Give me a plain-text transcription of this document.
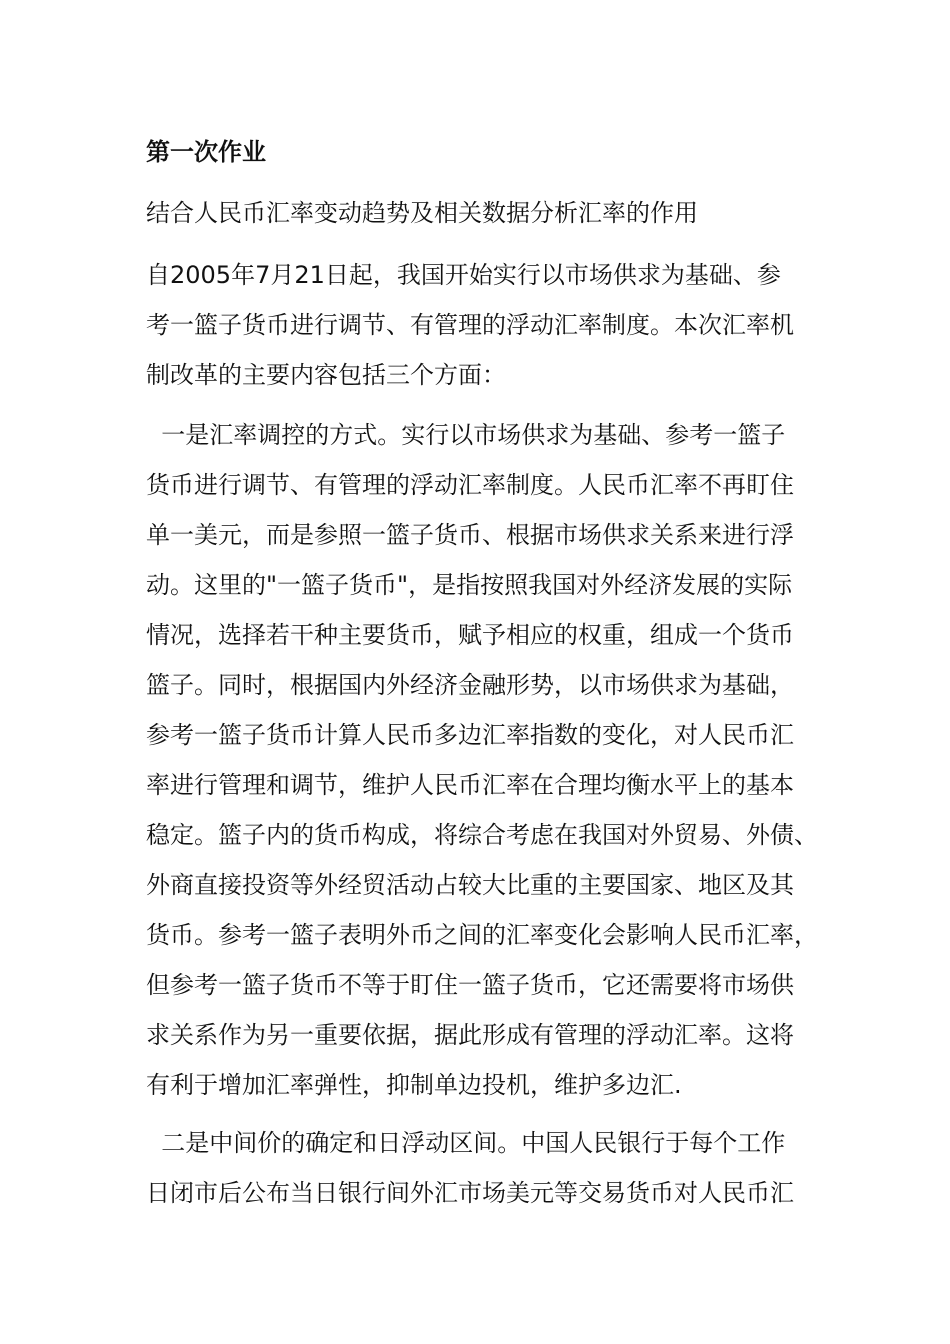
第一次作业
结合人民币汇率变动趋势及相关数据分析汇率的作用
自2005年7月21日起，我国开始实行以市场供求为基础、参
考一篮子货币进行调节、有管理的浮动汇率制度。本次汇率机
制改革的主要内容包括三个方面：
一是汇率调控的方式。实行以市场供求为基础、参考一篮子
货币进行调节、有管理的浮动汇率制度。人民币汇率不再盯住
单一美元，而是参照一篮子货币、根据市场供求关系来进行浮
动。这里的"一篮子货币"，是指按照我国对外经济发展的实际
情况，选择若干种主要货币，赋予相应的权重，组成一个货币
篮子。同时，根据国内外经济金融形势，以市场供求为基础，
参考一篮子货币计算人民币多边汇率指数的变化，对人民币汇
率进行管理和调节，维护人民币汇率在合理均衡水平上的基本
稳定。篮子内的货币构成，将综合考虑在我国对外贸易、外债、
外商直接投资等外经贸活动占较大比重的主要国家、地区及其
货币。参考一篮子表明外币之间的汇率变化会影响人民币汇率，
但参考一篮子货币不等于盯住一篮子货币，它还需要将市场供
求关系作为另一重要依据，据此形成有管理的浮动汇率。这将
有利于增加汇率弹性，抑制单边投机，维护多边汇.
二是中间价的确定和日浮动区间。中国人民银行于每个工作
日闭市后公布当日银行间外汇市场美元等交易货币对人民币汇
